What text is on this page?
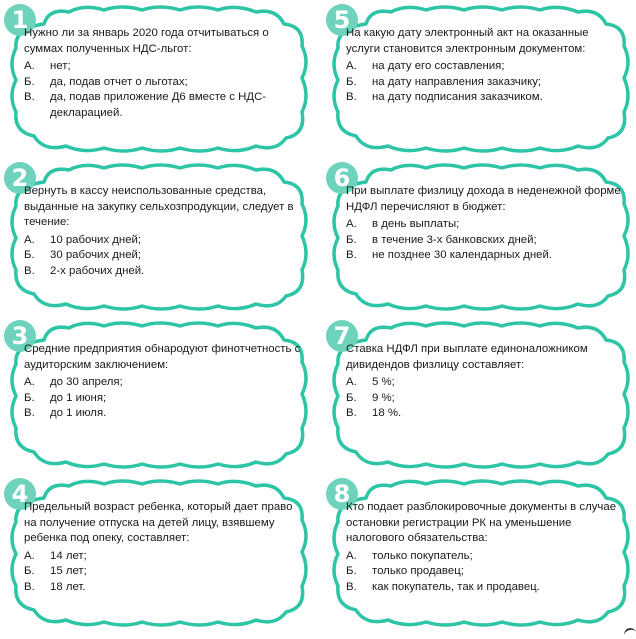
1

Нужно ли за январь 2020 года отчитываться о суммах полученных НДС-льгот:

А.	нет;
Б.	да, подав отчет о льготах;
В.	да, подав приложение Д6 вместе с НДС-декларацией.
5

На какую дату электронный акт на оказанные услуги становится электронным документом:

А.	на дату его составления;
Б.	на дату направления заказчику;
В.	на дату подписания заказчиком.
2

Вернуть в кассу неиспользованные средства, выданные на закупку сельхозпродукции, следует в течение:

А.	10 рабочих дней;
Б.	30 рабочих дней;
В.	2-х рабочих дней.
6

При выплате физлицу дохода в неденежной форме НДФЛ перечисляют в бюджет:

А.	в день выплаты;
Б.	в течение 3-х банковских дней;
В.	не позднее 30 календарных дней.
3

Средние предприятия обнародуют финотчетность с аудиторским заключением:

А.	до 30 апреля;
Б.	до 1 июня;
В.	до 1 июля.
7

Ставка НДФЛ при выплате единоналожником дивидендов физлицу составляет:

А.	5 %;
Б.	9 %;
В.	18 %.
4

Предельный возраст ребенка, который дает право на получение отпуска на детей лицу, взявшему ребенка под опеку, составляет:

А.	14 лет;
Б.	15 лет;
В.	18 лет.
8

Кто подает разблокировочные документы в случае остановки регистрации РК на уменьшение налогового обязательства:

А.	только покупатель;
Б.	только продавец;
В.	как покупатель, так и продавец.
